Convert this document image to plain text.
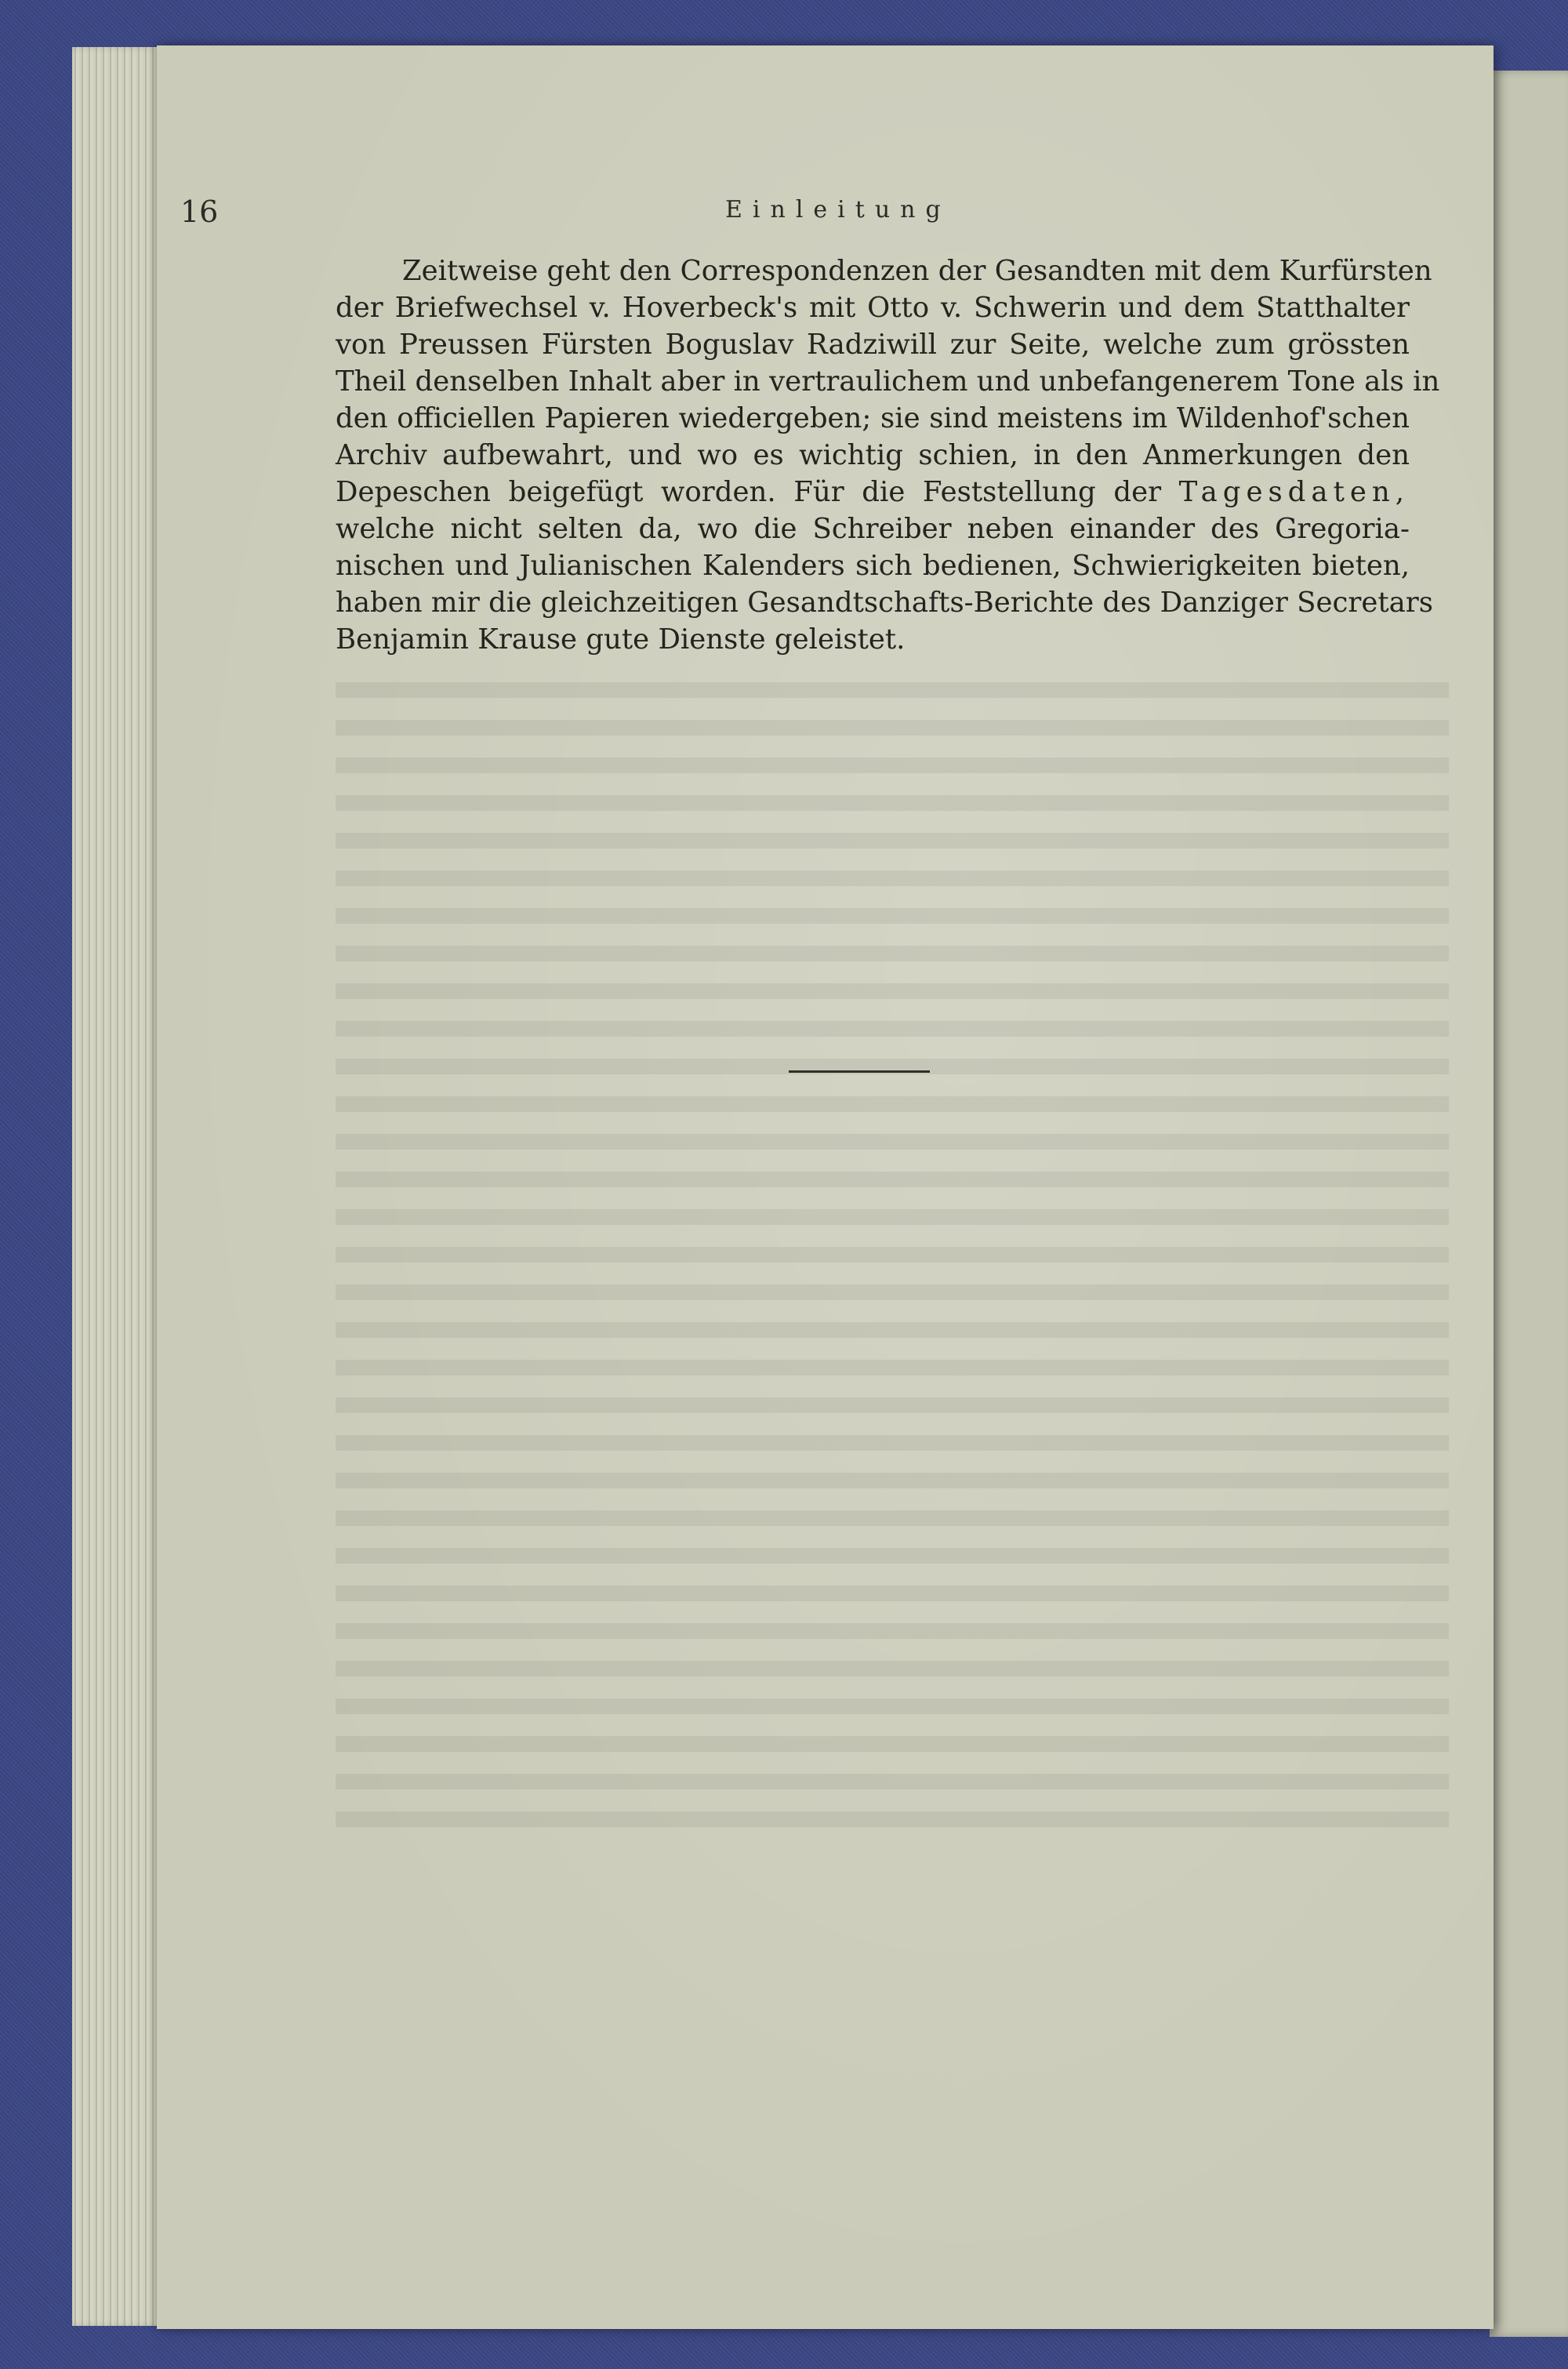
16	Einleitung
Zeitweise geht den Correspondenzen der Gesandten mit dem Kurfürsten
der Briefwechsel v. Hoverbeck's mit Otto v. Schwerin und dem Statthalter
von Preussen Fürsten Boguslav Radziwill zur Seite, welche zum grössten
Theil denselben Inhalt aber in vertraulichem und unbefangenerem Tone als in
den officiellen Papieren wiedergeben; sie sind meistens im Wildenhof'schen
Archiv aufbewahrt, und wo es wichtig schien, in den Anmerkungen den
Depeschen beigefügt worden. Für die Feststellung der Tagesdaten,
welche nicht selten da, wo die Schreiber neben einander des Gregoria-
nischen und Julianischen Kalenders sich bedienen, Schwierigkeiten bieten,
haben mir die gleichzeitigen Gesandtschafts-Berichte des Danziger Secretars
Benjamin Krause gute Dienste geleistet.
